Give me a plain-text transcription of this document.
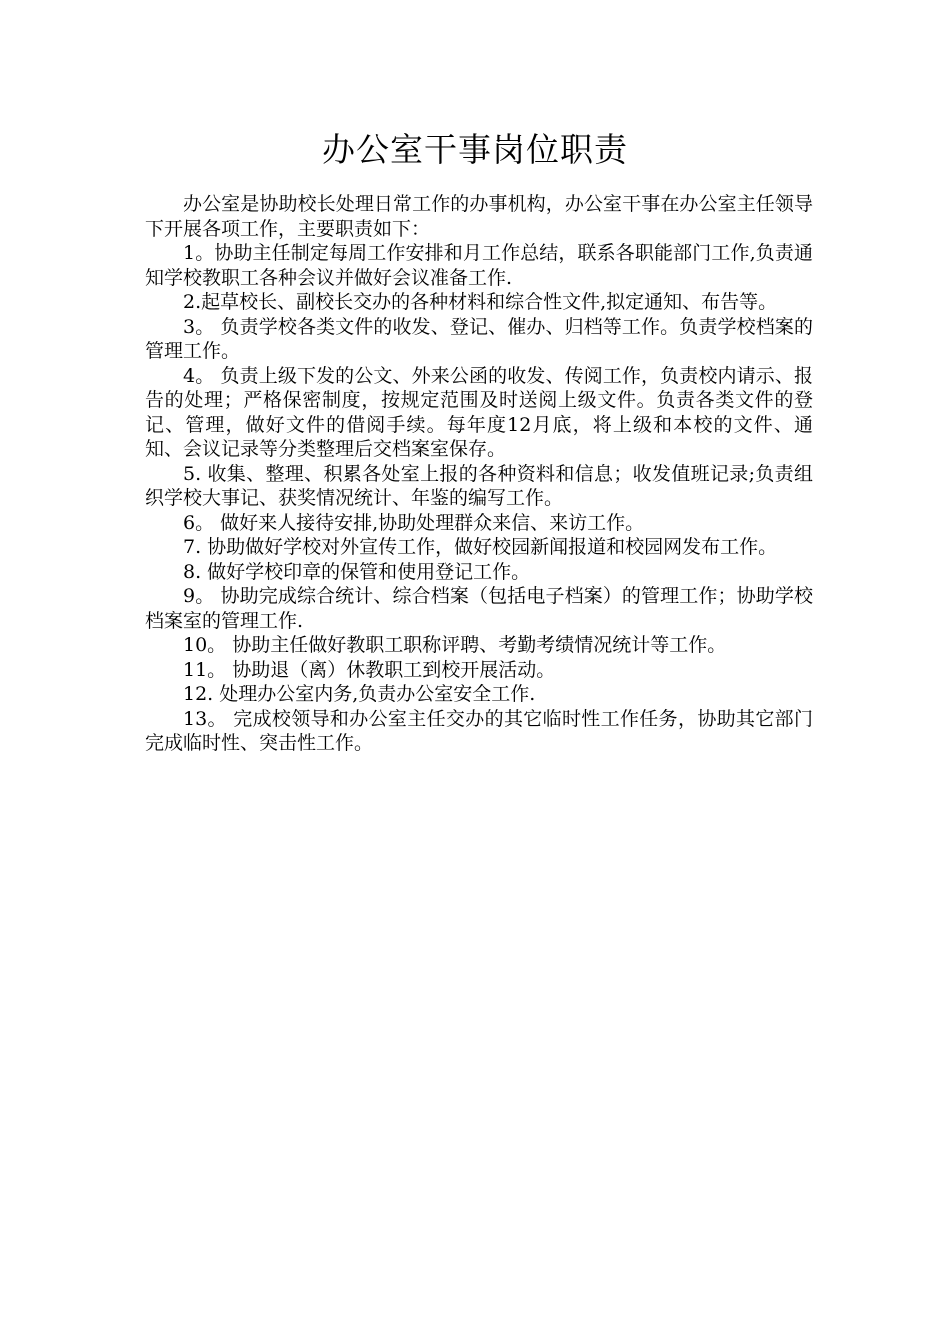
办公室干事岗位职责

办公室是协助校长处理日常工作的办事机构，办公室干事在办公室主任领导下开展各项工作，主要职责如下：

1。协助主任制定每周工作安排和月工作总结，联系各职能部门工作,负责通知学校教职工各种会议并做好会议准备工作.

2.起草校长、副校长交办的各种材料和综合性文件,拟定通知、布告等。

3。 负责学校各类文件的收发、登记、催办、归档等工作。负责学校档案的管理工作。

4。 负责上级下发的公文、外来公函的收发、传阅工作，负责校内请示、报告的处理；严格保密制度，按规定范围及时送阅上级文件。负责各类文件的登记、管理，做好文件的借阅手续。每年度12月底，将上级和本校的文件、通知、会议记录等分类整理后交档案室保存。

5. 收集、整理、积累各处室上报的各种资料和信息；收发值班记录;负责组织学校大事记、获奖情况统计、年鉴的编写工作。

6。 做好来人接待安排,协助处理群众来信、来访工作。

7. 协助做好学校对外宣传工作，做好校园新闻报道和校园网发布工作。

8. 做好学校印章的保管和使用登记工作。

9。 协助完成综合统计、综合档案（包括电子档案）的管理工作；协助学校档案室的管理工作.

10。 协助主任做好教职工职称评聘、考勤考绩情况统计等工作。

11。 协助退（离）休教职工到校开展活动。

12. 处理办公室内务,负责办公室安全工作.

13。 完成校领导和办公室主任交办的其它临时性工作任务，协助其它部门完成临时性、突击性工作。
